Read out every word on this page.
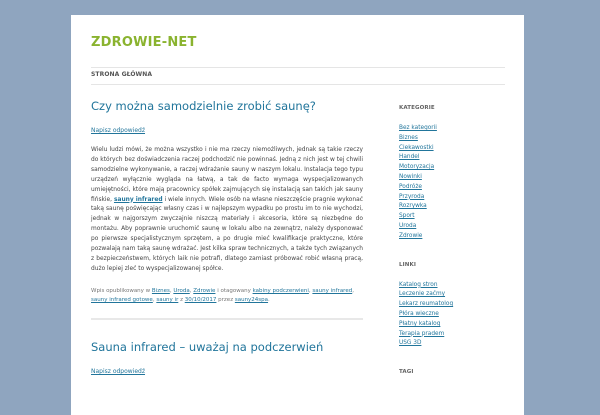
ZDROWIE-NET
STRONA GŁÓWNA
Czy można samodzielnie zrobić saunę?
Napisz odpowiedź
Wielu ludzi mówi, że można wszystko i nie ma rzeczy niemożliwych, jednak są takie rzeczy do których bez doświadczenia raczej podchodzić nie powinnaś. Jedną z nich jest w tej chwili samodzielne wykonywanie, a raczej wdrażanie sauny w naszym lokalu. Instalacja tego typu urządzeń wyłącznie wygląda na łatwą, a tak de facto wymaga wyspecjalizowanych umiejętności, które mają pracownicy spółek zajmujących się instalacją san takich jak sauny fińskie, sauny infrared i wiele innych. Wiele osób na własne nieszczęście pragnie wykonać taką saunę poświęcając własny czas i w najlepszym wypadku po prostu im to nie wychodzi, jednak w najgorszym zwyczajnie niszczą materiały i akcesoria, które są niezbędne do montażu. Aby poprawnie uruchomić saunę w lokalu albo na zewnątrz, należy dysponować po pierwsze specjalistycznym sprzętem, a po drugie mieć kwalifikacje praktyczne, które pozwalają nam taką saunę wdrażać. Jest kilka spraw technicznych, a także tych związanych z bezpieczeństwem, których laik nie potrafi, dlatego zamiast próbować robić własną pracą, dużo lepiej zleć to wyspecjalizowanej spółce.
Wpis opublikowany w Biznes, Uroda, Zdrowie i otagowany kabiny podczerwieni, sauny infrared, sauny infrared gotowe, sauny ir z 30/10/2017 przez sauny24spa.
Sauna infrared – uważaj na podczerwień
Napisz odpowiedź
KATEGORIE
Bez kategorii
Biznes
Ciekawostki
Handel
Motoryzacja
Nowinki
Podróże
Przyroda
Rozrywka
Sport
Uroda
Zdrowie
LINKI
Katalog stron
Leczenie zaćmy
Lekarz reumatolog
Płóra wieczne
Płatny katalog
Terapia pradem
USG 3D
TAGI
